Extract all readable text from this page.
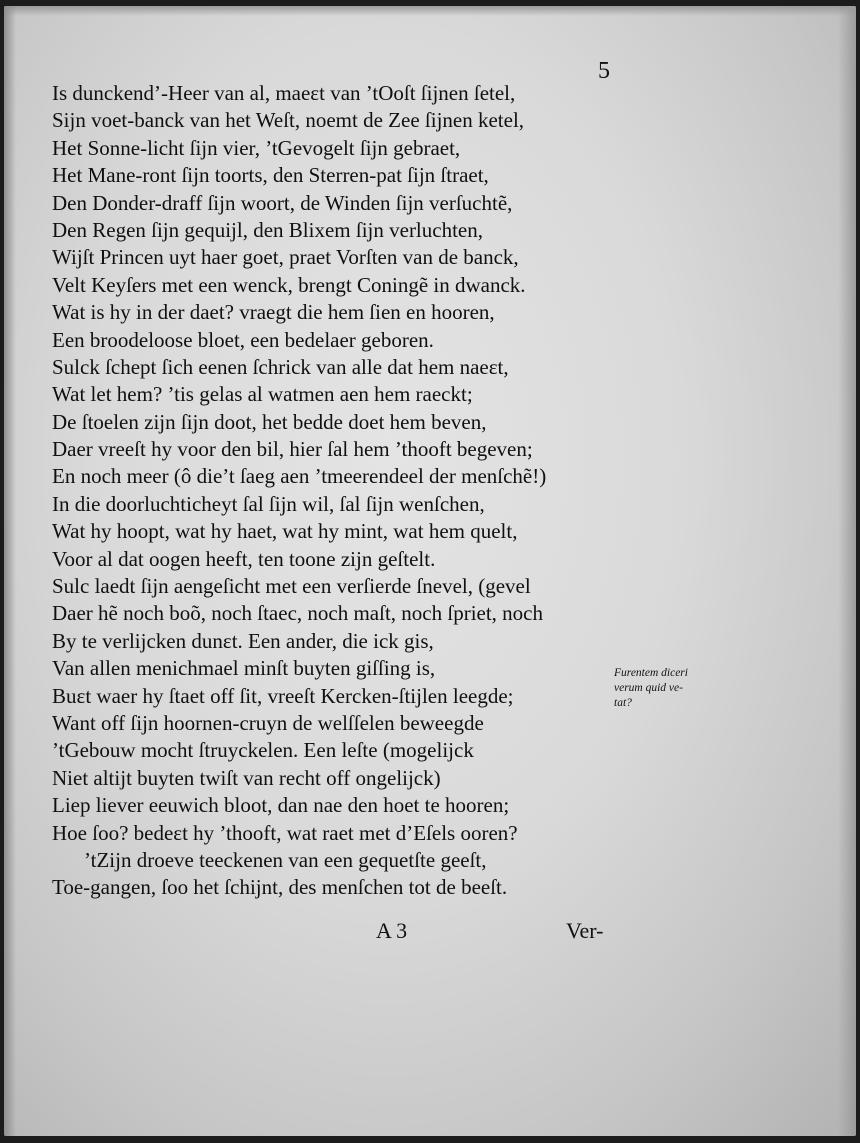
5
Is dunckend’-Heer van al, maeɛt van ’tOoſt ſijnen ſetel,
Sijn voet-banck van het Weſt, noemt de Zee ſijnen ketel,
Het Sonne-licht ſijn vier, ’tGevogelt ſijn gebraet,
Het Mane-ront ſijn toorts, den Sterren-pat ſijn ſtraet,
Den Donder-draff ſijn woort, de Winden ſijn verſuchtẽ,
Den Regen ſijn gequijl, den Blixem ſijn verluchten,
Wijſt Princen uyt haer goet, praet Vorſten van de banck,
Velt Keyſers met een wenck, brengt Coningẽ in dwanck.
Wat is hy in der daet? vraegt die hem ſien en hooren,
Een broodeloose bloet, een bedelaer geboren.
Sulck ſchept ſich eenen ſchrick van alle dat hem naeɛt,
Wat let hem? ’tis gelas al watmen aen hem raeckt;
De ſtoelen zijn ſijn doot, het bedde doet hem beven,
Daer vreeſt hy voor den bil, hier ſal hem ’thooft begeven;
En noch meer (ô die’t ſaeg aen ’tmeerendeel der menſchẽ!)
In die doorluchticheyt ſal ſijn wil, ſal ſijn wenſchen,
Wat hy hoopt, wat hy haet, wat hy mint, wat hem quelt,
Voor al dat oogen heeft, ten toone zijn geſtelt.
Sulc laedt ſijn aengeſicht met een verſierde ſnevel, (gevel
Daer hẽ noch boõ, noch ſtaec, noch maſt, noch ſpriet, noch
By te verlijcken dunɛt. Een ander, die ick gis,
Van allen menichmael minſt buyten giſſing is,
Buɛt waer hy ſtaet off ſit, vreeſt Kercken-ſtijlen leegde;
Want off ſijn hoornen-cruyn de welſſelen beweegde
’tGebouw mocht ſtruyckelen. Een leſte (mogelijck
Niet altijt buyten twiſt van recht off ongelijck)
Liep liever eeuwich bloot, dan nae den hoet te hooren;
Hoe ſoo? bedeɛt hy ’thooft, wat raet met d’Eſels ooren?
’tZijn droeve teeckenen van een gequetſte geeſt,
Toe-gangen, ſoo het ſchijnt, des menſchen tot de beeſt.
Furentem diceri
verum quid ve-
tat?
A 3	Ver-
